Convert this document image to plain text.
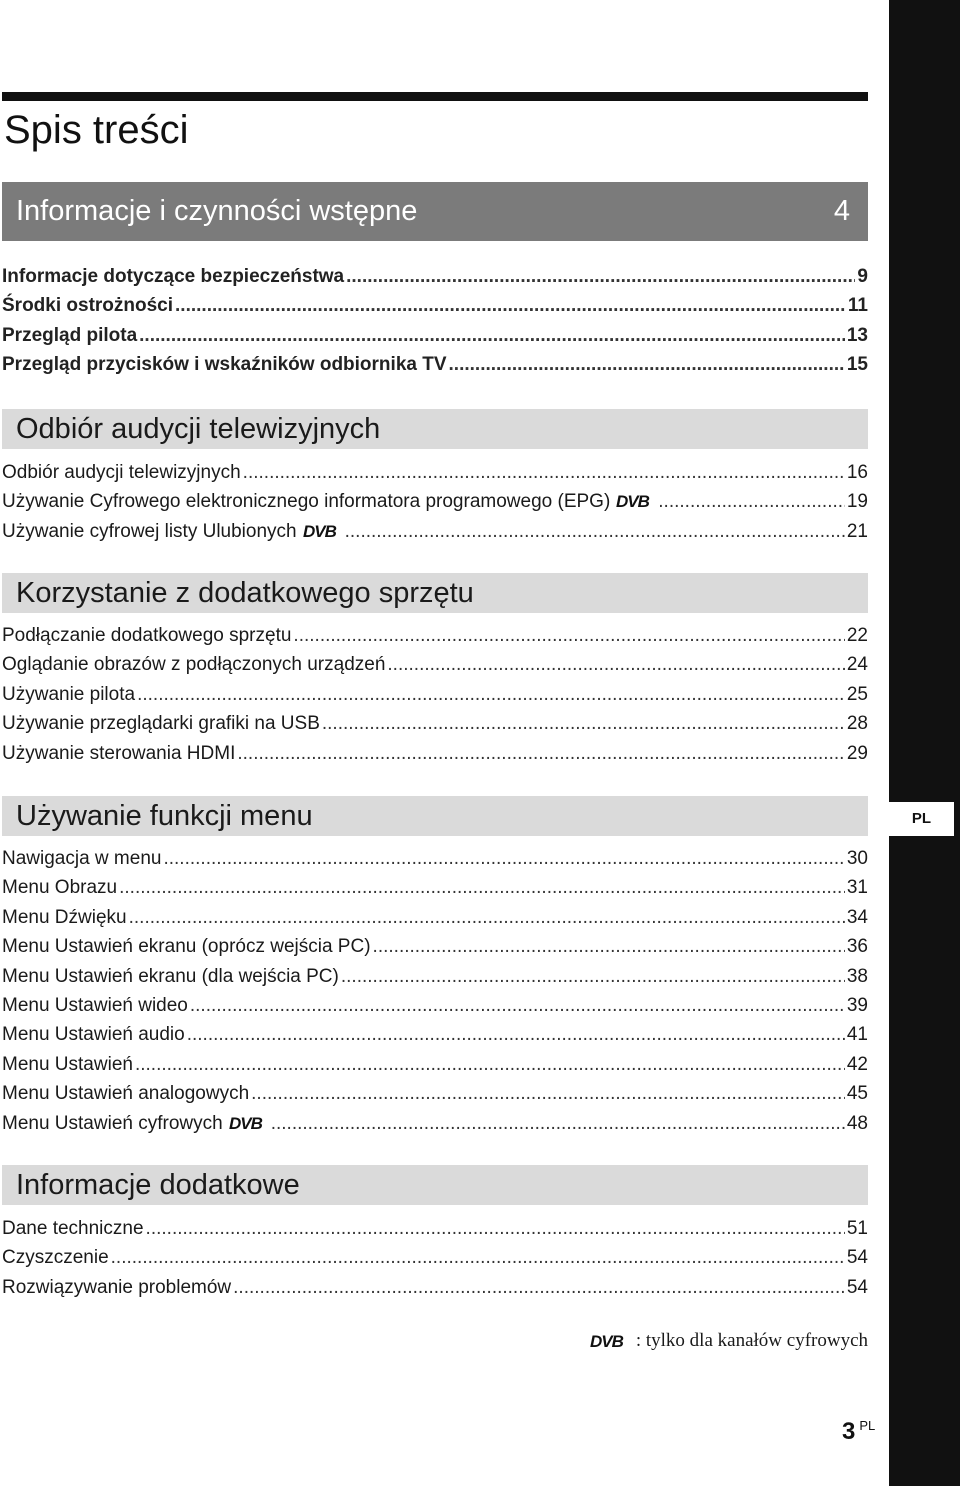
PL
Spis treści
Informacje i czynności wstępne	4
Informacje dotyczące bezpieczeństwa .....	9
Środki ostrożności .....	11
Przegląd pilota .....	13
Przegląd przycisków i wskaźników odbiornika TV .....	15
Odbiór audycji telewizyjnych
Odbiór audycji telewizyjnych .....	16
Używanie Cyfrowego elektronicznego informatora programowego (EPG) DVB .....	19
Używanie cyfrowej listy Ulubionych DVB .....	21
Korzystanie z dodatkowego sprzętu
Podłączanie dodatkowego sprzętu .....	22
Oglądanie obrazów z podłączonych urządzeń .....	24
Używanie pilota .....	25
Używanie przeglądarki grafiki na USB .....	28
Używanie sterowania HDMI .....	29
Używanie funkcji menu
Nawigacja w menu .....	30
Menu Obrazu .....	31
Menu Dźwięku .....	34
Menu Ustawień ekranu (oprócz wejścia PC) .....	36
Menu Ustawień ekranu (dla wejścia PC) .....	38
Menu Ustawień wideo .....	39
Menu Ustawień audio .....	41
Menu Ustawień .....	42
Menu Ustawień analogowych .....	45
Menu Ustawień cyfrowych DVB .....	48
Informacje dodatkowe
Dane techniczne .....	51
Czyszczenie .....	54
Rozwiązywanie problemów .....	54
DVB : tylko dla kanałów cyfrowych
3 $^{PL}$
